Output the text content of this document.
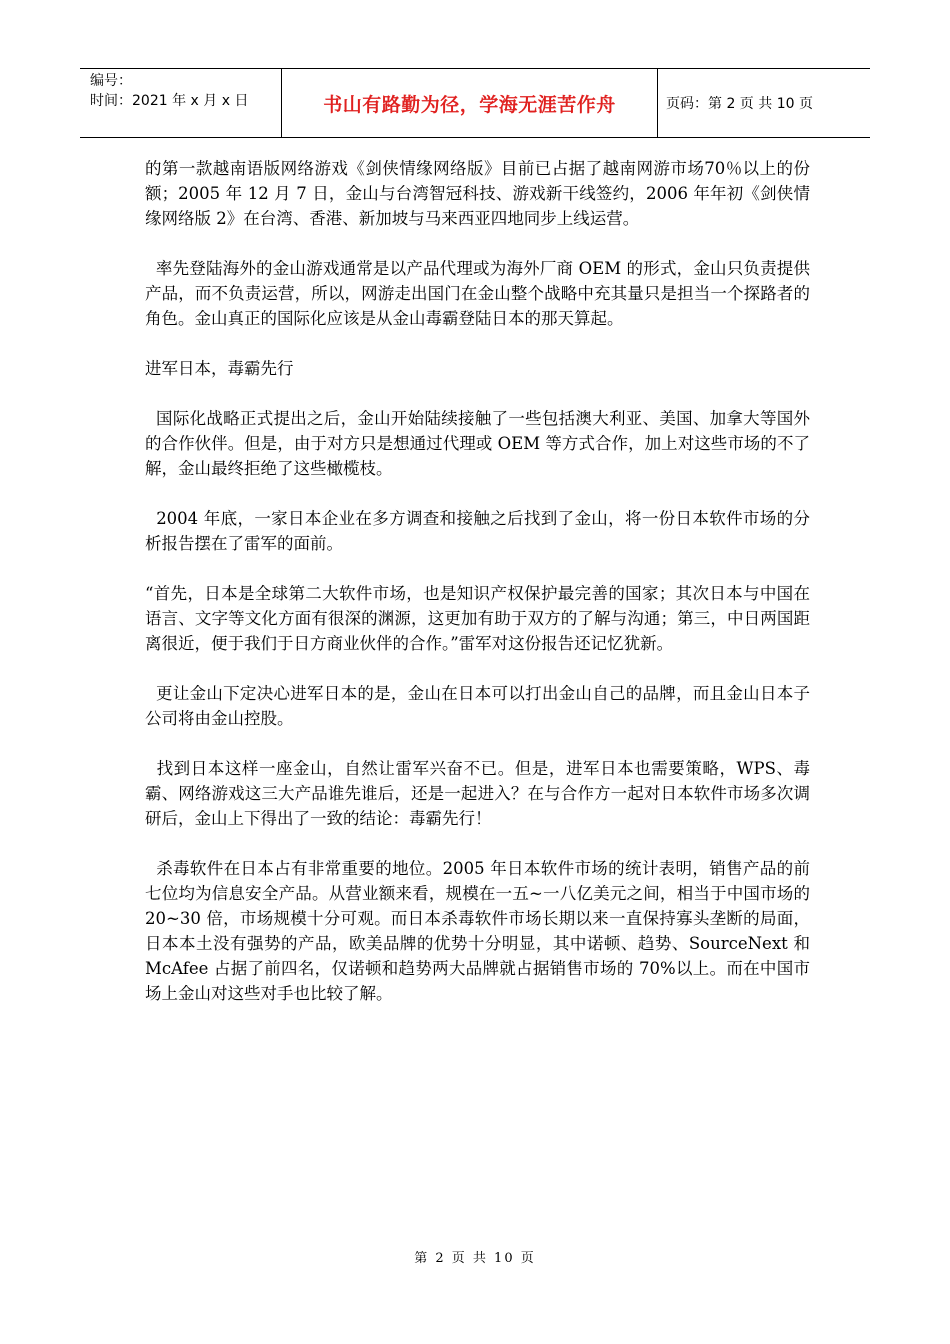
编号：
时间：2021 年 x 月 x 日	书山有路勤为径，学海无涯苦作舟	页码：第 2 页 共 10 页

的第一款越南语版网络游戏《剑侠情缘网络版》目前已占据了越南网游市场70％以上的份额；2005 年 12 月 7 日，金山与台湾智冠科技、游戏新干线签约，2006 年年初《剑侠情缘网络版 2》在台湾、香港、新加坡与马来西亚四地同步上线运营。

率先登陆海外的金山游戏通常是以产品代理或为海外厂商 OEM 的形式，金山只负责提供产品，而不负责运营，所以，网游走出国门在金山整个战略中充其量只是担当一个探路者的角色。金山真正的国际化应该是从金山毒霸登陆日本的那天算起。

进军日本，毒霸先行

国际化战略正式提出之后，金山开始陆续接触了一些包括澳大利亚、美国、加拿大等国外的合作伙伴。但是，由于对方只是想通过代理或 OEM 等方式合作，加上对这些市场的不了解，金山最终拒绝了这些橄榄枝。

2004 年底，一家日本企业在多方调查和接触之后找到了金山，将一份日本软件市场的分析报告摆在了雷军的面前。

“首先，日本是全球第二大软件市场，也是知识产权保护最完善的国家；其次日本与中国在语言、文字等文化方面有很深的渊源，这更加有助于双方的了解与沟通；第三，中日两国距离很近，便于我们于日方商业伙伴的合作。”雷军对这份报告还记忆犹新。

更让金山下定决心进军日本的是，金山在日本可以打出金山自己的品牌，而且金山日本子公司将由金山控股。

找到日本这样一座金山，自然让雷军兴奋不已。但是，进军日本也需要策略，WPS、毒霸、网络游戏这三大产品谁先谁后，还是一起进入？在与合作方一起对日本软件市场多次调研后，金山上下得出了一致的结论：毒霸先行！

杀毒软件在日本占有非常重要的地位。2005 年日本软件市场的统计表明，销售产品的前七位均为信息安全产品。从营业额来看，规模在一五~一八亿美元之间，相当于中国市场的 20~30 倍，市场规模十分可观。而日本杀毒软件市场长期以来一直保持寡头垄断的局面，日本本土没有强势的产品，欧美品牌的优势十分明显，其中诺顿、趋势、SourceNext 和 McAfee 占据了前四名，仅诺顿和趋势两大品牌就占据销售市场的 70%以上。而在中国市场上金山对这些对手也比较了解。

第 2 页 共 10 页
